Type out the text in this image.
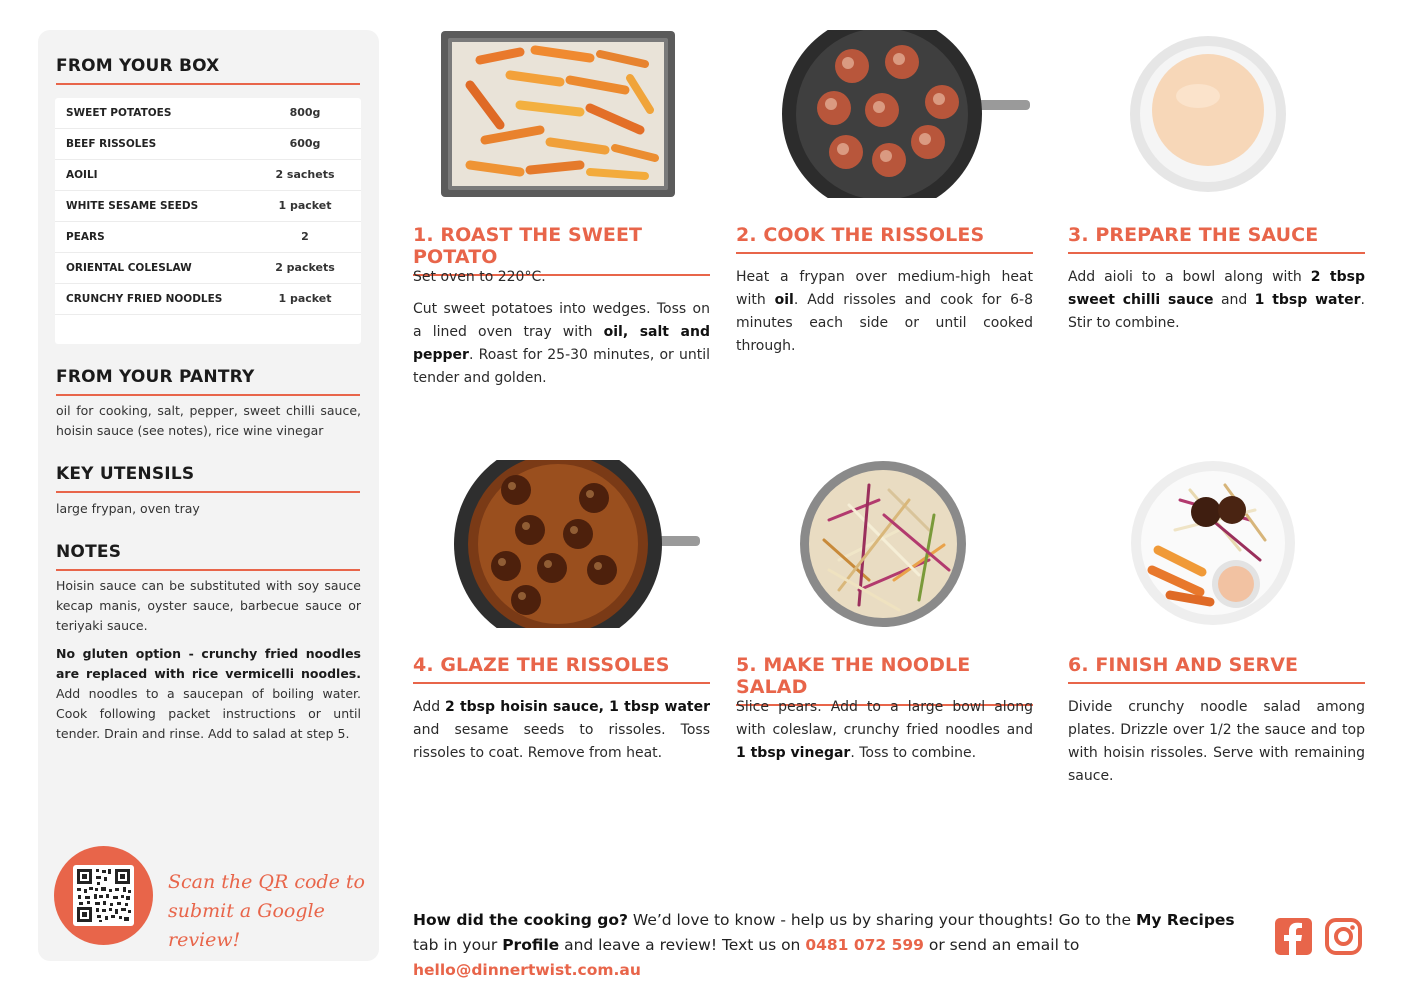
FROM YOUR BOX
SWEET POTATOES	800g
BEEF RISSOLES	600g
AOILI	2 sachets
WHITE SESAME SEEDS	1 packet
PEARS	2
ORIENTAL COLESLAW	2 packets
CRUNCHY FRIED NOODLES	1 packet
FROM YOUR PANTRY
oil for cooking, salt, pepper, sweet chilli sauce, hoisin sauce (see notes), rice wine vinegar
KEY UTENSILS
large frypan, oven tray
NOTES
Hoisin sauce can be substituted with soy sauce kecap manis, oyster sauce, barbecue sauce or teriyaki sauce.
No gluten option - crunchy fried noodles are replaced with rice vermicelli noodles. Add noodles to a saucepan of boiling water. Cook following packet instructions or until tender. Drain and rinse. Add to salad at step 5.
Scan the QR code to
submit a Google review!
1. ROAST THE SWEET POTATO

Set oven to 220°C.

Cut sweet potatoes into wedges. Toss on a lined oven tray with oil, salt and pepper. Roast for 25-30 minutes, or until tender and golden.

2. COOK THE RISSOLES

Heat a frypan over medium-high heat with oil. Add rissoles and cook for 6-8 minutes each side or until cooked through.

3. PREPARE THE SAUCE

Add aioli to a bowl along with 2 tbsp sweet chilli sauce and 1 tbsp water. Stir to combine.

4. GLAZE THE RISSOLES

Add 2 tbsp hoisin sauce, 1 tbsp water and sesame seeds to rissoles. Toss rissoles to coat. Remove from heat.

5. MAKE THE NOODLE SALAD

Slice pears. Add to a large bowl along with coleslaw, crunchy fried noodles and 1 tbsp vinegar. Toss to combine.

6. FINISH AND SERVE

Divide crunchy noodle salad among plates. Drizzle over 1/2 the sauce and top with hoisin rissoles. Serve with remaining sauce.

How did the cooking go? We’d love to know - help us by sharing your thoughts! Go to the My Recipes tab in your Profile and leave a review! Text us on 0481 072 599 or send an email to hello@dinnertwist.com.au
